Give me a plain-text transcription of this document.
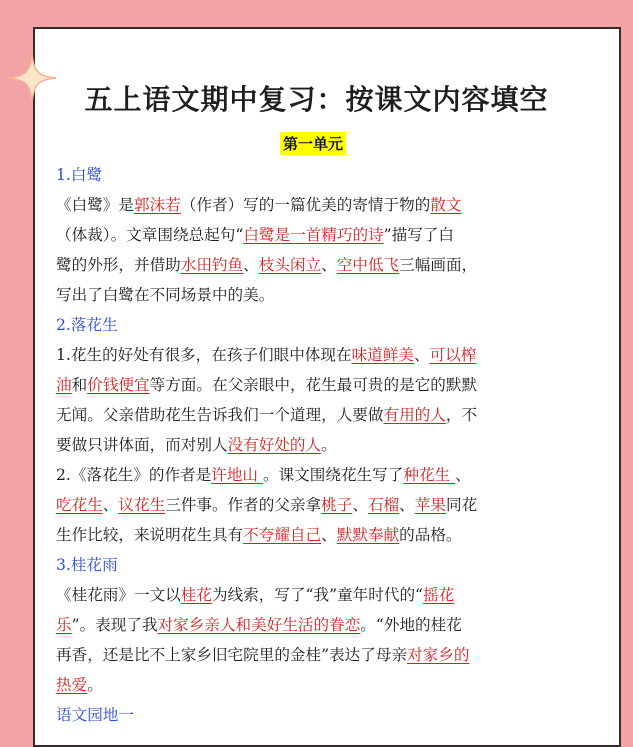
五上语文期中复习：按课文内容填空
第一单元
1.白鹭
《白鹭》是郭沫若（作者）写的一篇优美的寄情于物的散文
（体裁）。文章围绕总起句“白鹭是一首精巧的诗”描写了白
鹭的外形，并借助水田钓鱼、枝头闲立、空中低飞三幅画面，
写出了白鹭在不同场景中的美。
2.落花生
1.花生的好处有很多，在孩子们眼中体现在味道鲜美、可以榨
油和价钱便宜等方面。在父亲眼中，花生最可贵的是它的默默
无闻。父亲借助花生告诉我们一个道理，人要做有用的人，不
要做只讲体面，而对别人没有好处的人。
2.《落花生》的作者是许地山 。课文围绕花生写了种花生 、
吃花生、议花生三件事。作者的父亲拿桃子、石榴、苹果同花
生作比较，来说明花生具有不夸耀自己、默默奉献的品格。
3.桂花雨
《桂花雨》一文以桂花为线索，写了“我”童年时代的“摇花
乐”。表现了我对家乡亲人和美好生活的眷恋。“外地的桂花
再香，还是比不上家乡旧宅院里的金桂”表达了母亲对家乡的
热爱。
语文园地一
